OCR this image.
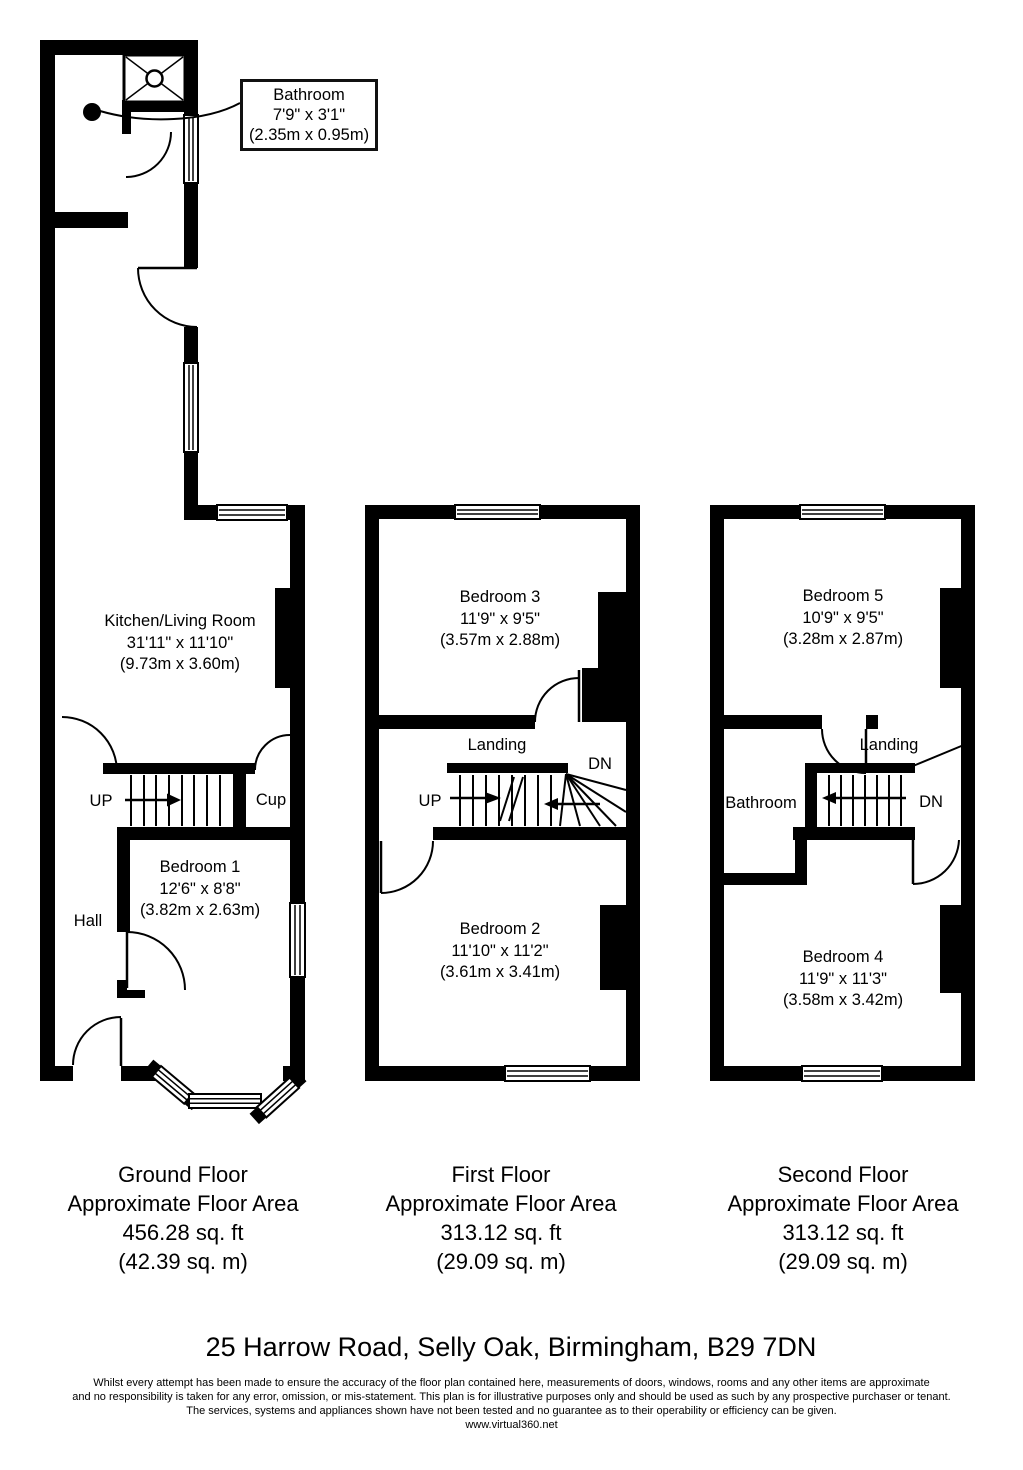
Bathroom
7'9" x 3'1"
(2.35m x 0.95m)
Kitchen/Living Room
31'11" x 11'10"
(9.73m x 3.60m)
UP	Cup
Bedroom 1
12'6" x 8'8"
(3.82m x 2.63m)
Hall
Bedroom 3
11'9" x 9'5"
(3.57m x 2.88m)
Landing
UP
DN
Bedroom 2
11'10" x 11'2"
(3.61m x 3.41m)
Bedroom 5
10'9" x 9'5"
(3.28m x 2.87m)
Landing
Bathroom	DN
Bedroom 4
11'9" x 11'3"
(3.58m x 3.42m)
Ground Floor
Approximate Floor Area
456.28 sq. ft
(42.39 sq. m)
First Floor
Approximate Floor Area
313.12 sq. ft
(29.09 sq. m)
Second Floor
Approximate Floor Area
313.12 sq. ft
(29.09 sq. m)
25 Harrow Road, Selly Oak, Birmingham, B29 7DN
Whilst every attempt has been made to ensure the accuracy of the floor plan contained here, measurements of doors, windows, rooms and any other items are approximate
and no responsibility is taken for any error, omission, or mis-statement. This plan is for illustrative purposes only and should be used as such by any prospective purchaser or tenant.
The services, systems and appliances shown have not been tested and no guarantee as to their operability or efficiency can be given.
www.virtual360.net
